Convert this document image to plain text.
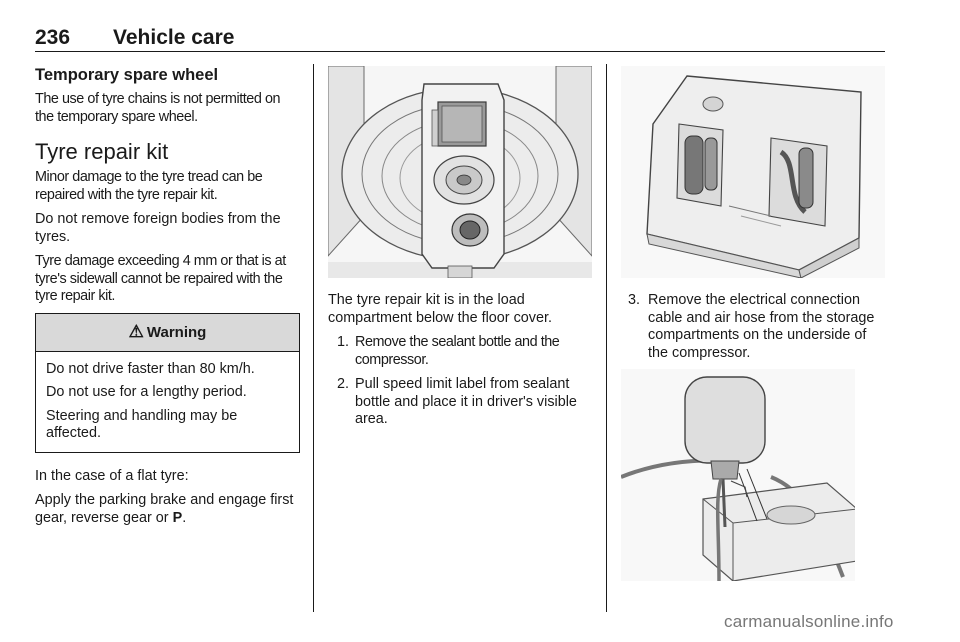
236 Vehicle care
Temporary spare wheel

The use of tyre chains is not permitted on the temporary spare wheel.

Tyre repair kit

Minor damage to the tyre tread can be repaired with the tyre repair kit.

Do not remove foreign bodies from the tyres.

Tyre damage exceeding 4 mm or that is at tyre's sidewall cannot be repaired with the tyre repair kit.

⚠ Warning

Do not drive faster than 80 km/h.

Do not use for a lengthy period.

Steering and handling may be affected.

In the case of a flat tyre:

Apply the parking brake and engage first gear, reverse gear or P.

The tyre repair kit is in the load compartment below the floor cover.

1. Remove the sealant bottle and the compressor.
2. Pull speed limit label from sealant bottle and place it in driver's visible area.
3. Remove the electrical connection cable and air hose from the storage compartments on the underside of the compressor.
carmanualsonline.info
